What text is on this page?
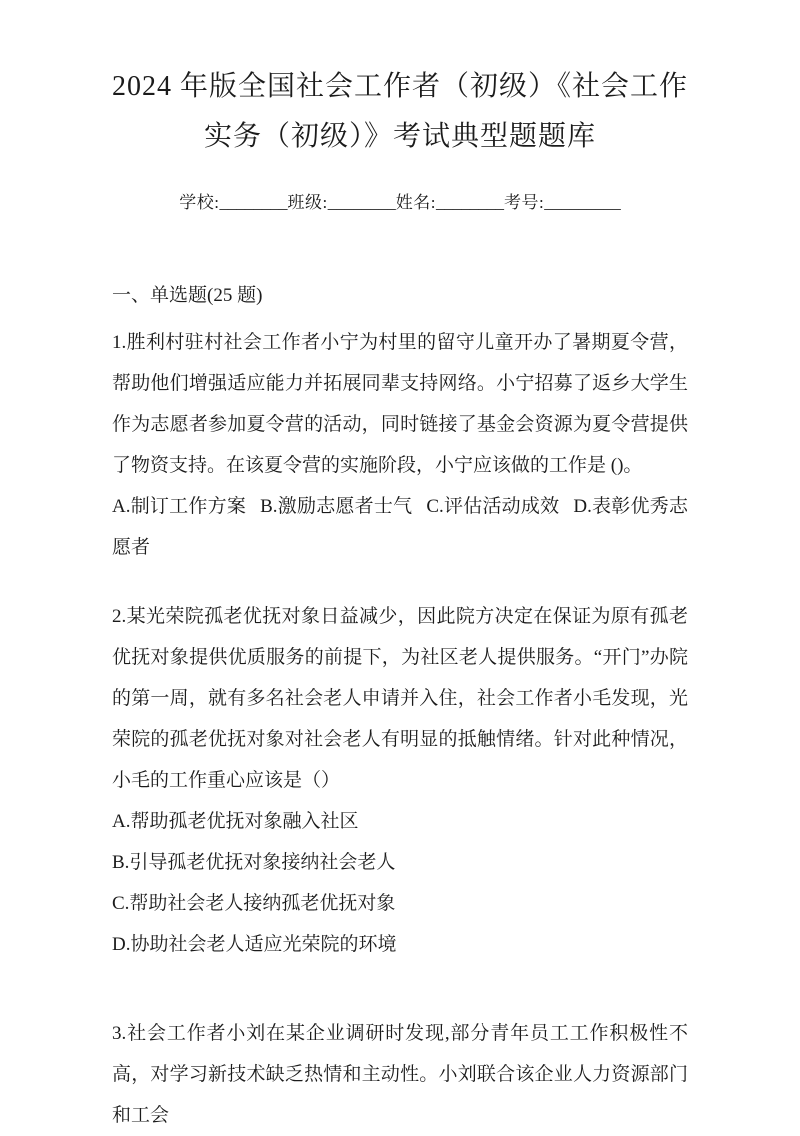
2024 年版全国社会工作者（初级）《社会工作实务（初级）》考试典型题题库

学校:________班级:________姓名:________考号:_________

一、单选题(25 题)

1.胜利村驻村社会工作者小宁为村里的留守儿童开办了暑期夏令营，帮助他们增强适应能力并拓展同辈支持网络。小宁招募了返乡大学生作为志愿者参加夏令营的活动，同时链接了基金会资源为夏令营提供了物资支持。在该夏令营的实施阶段，小宁应该做的工作是 ()。

A.制订工作方案 B.激励志愿者士气 C.评估活动成效 D.表彰优秀志愿者

2.某光荣院孤老优抚对象日益减少，因此院方决定在保证为原有孤老优抚对象提供优质服务的前提下，为社区老人提供服务。“开门”办院的第一周，就有多名社会老人申请并入住，社会工作者小毛发现，光荣院的孤老优抚对象对社会老人有明显的抵触情绪。针对此种情况，小毛的工作重心应该是（）

A.帮助孤老优抚对象融入社区

B.引导孤老优抚对象接纳社会老人

C.帮助社会老人接纳孤老优抚对象

D.协助社会老人适应光荣院的环境

3.社会工作者小刘在某企业调研时发现,部分青年员工工作积极性不高，对学习新技术缺乏热情和主动性。小刘联合该企业人力资源部门和工会
